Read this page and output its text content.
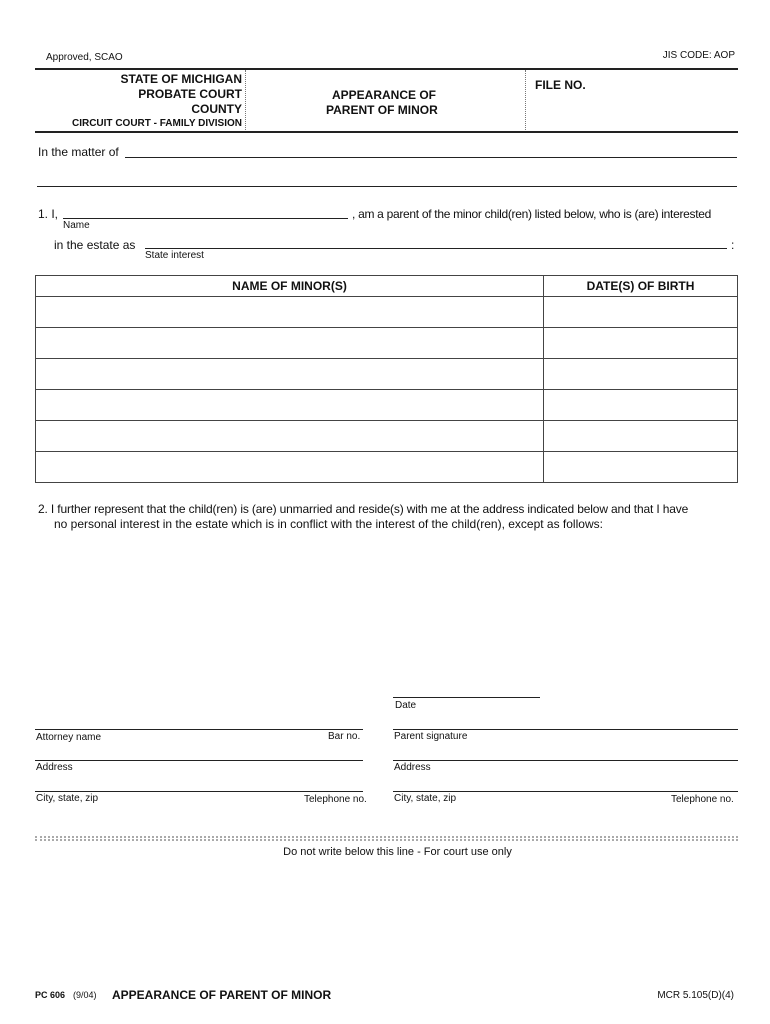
Approved, SCAO	JIS CODE: AOP
STATE OF MICHIGAN
PROBATE COURT
COUNTY
CIRCUIT COURT - FAMILY DIVISION
APPEARANCE OF
PARENT OF MINOR
FILE NO.
In the matter of
1. I,
Name
, am a parent of the minor child(ren) listed below, who is (are) interested
in the estate as	:
State interest
NAME OF MINOR(S)	DATE(S) OF BIRTH

2. I further represent that the child(ren) is (are) unmarried and reside(s) with me at the address indicated below and that I have
no personal interest in the estate which is in conflict with the interest of the child(ren), except as follows:
Date
Attorney name	Bar no.	Parent signature
Address	Address
City, state, zip	Telephone no.	City, state, zip	Telephone no.
Do not write below this line - For court use only
PC 606 (9/04) APPEARANCE OF PARENT OF MINOR	MCR 5.105(D)(4)
